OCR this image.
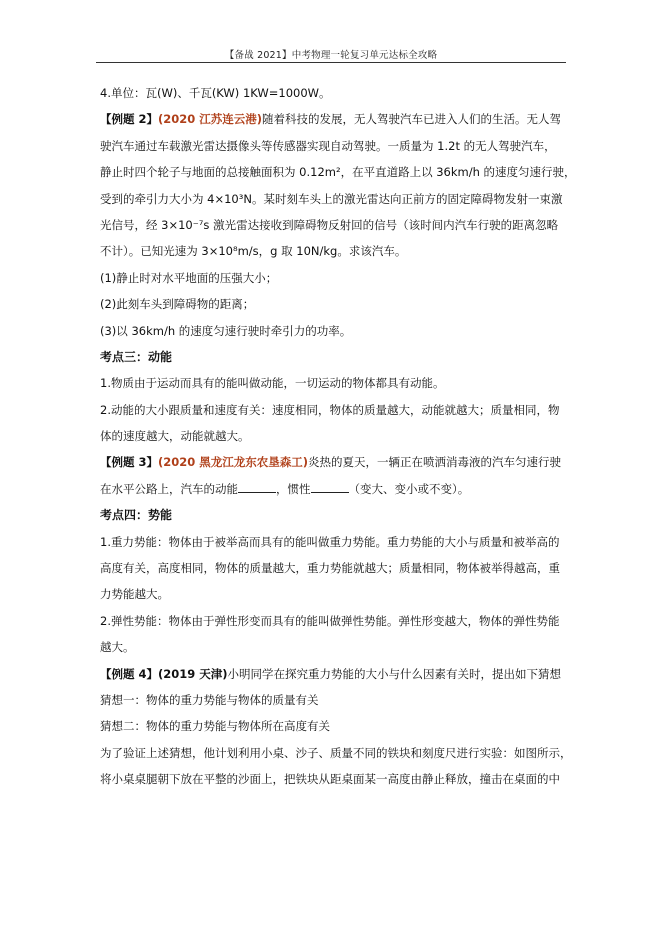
【备战 2021】中考物理一轮复习单元达标全攻略
4.单位：瓦(W)、千瓦(KW) 1KW=1000W。
【例题 2】(2020 江苏连云港)随着科技的发展，无人驾驶汽车已进入人们的生活。无人驾
驶汽车通过车载激光雷达摄像头等传感器实现自动驾驶。一质量为 1.2t 的无人驾驶汽车，
静止时四个轮子与地面的总接触面积为 0.12m²，在平直道路上以 36km/h 的速度匀速行驶，
受到的牵引力大小为 4×10³N。某时刻车头上的激光雷达向正前方的固定障碍物发射一束激
光信号，经 3×10⁻⁷s 激光雷达接收到障碍物反射回的信号（该时间内汽车行驶的距离忽略
不计）。已知光速为 3×10⁸m/s，g 取 10N/kg。求该汽车。
(1)静止时对水平地面的压强大小；
(2)此刻车头到障碍物的距离；
(3)以 36km/h 的速度匀速行驶时牵引力的功率。
考点三：动能
1.物质由于运动而具有的能叫做动能，一切运动的物体都具有动能。
2.动能的大小跟质量和速度有关：速度相同，物体的质量越大，动能就越大；质量相同，物
体的速度越大，动能就越大。
【例题 3】(2020 黑龙江龙东农垦森工)炎热的夏天，一辆正在喷洒消毒液的汽车匀速行驶
在水平公路上，汽车的动能	，惯性	（变大、变小或不变）。
考点四：势能
1.重力势能：物体由于被举高而具有的能叫做重力势能。重力势能的大小与质量和被举高的
高度有关，高度相同，物体的质量越大，重力势能就越大；质量相同，物体被举得越高，重
力势能越大。
2.弹性势能：物体由于弹性形变而具有的能叫做弹性势能。弹性形变越大，物体的弹性势能
越大。
【例题 4】(2019 天津)小明同学在探究重力势能的大小与什么因素有关时，提出如下猜想
猜想一：物体的重力势能与物体的质量有关
猜想二：物体的重力势能与物体所在高度有关
为了验证上述猜想，他计划利用小桌、沙子、质量不同的铁块和刻度尺进行实验：如图所示，
将小桌桌腿朝下放在平整的沙面上，把铁块从距桌面某一高度由静止释放，撞击在桌面的中
